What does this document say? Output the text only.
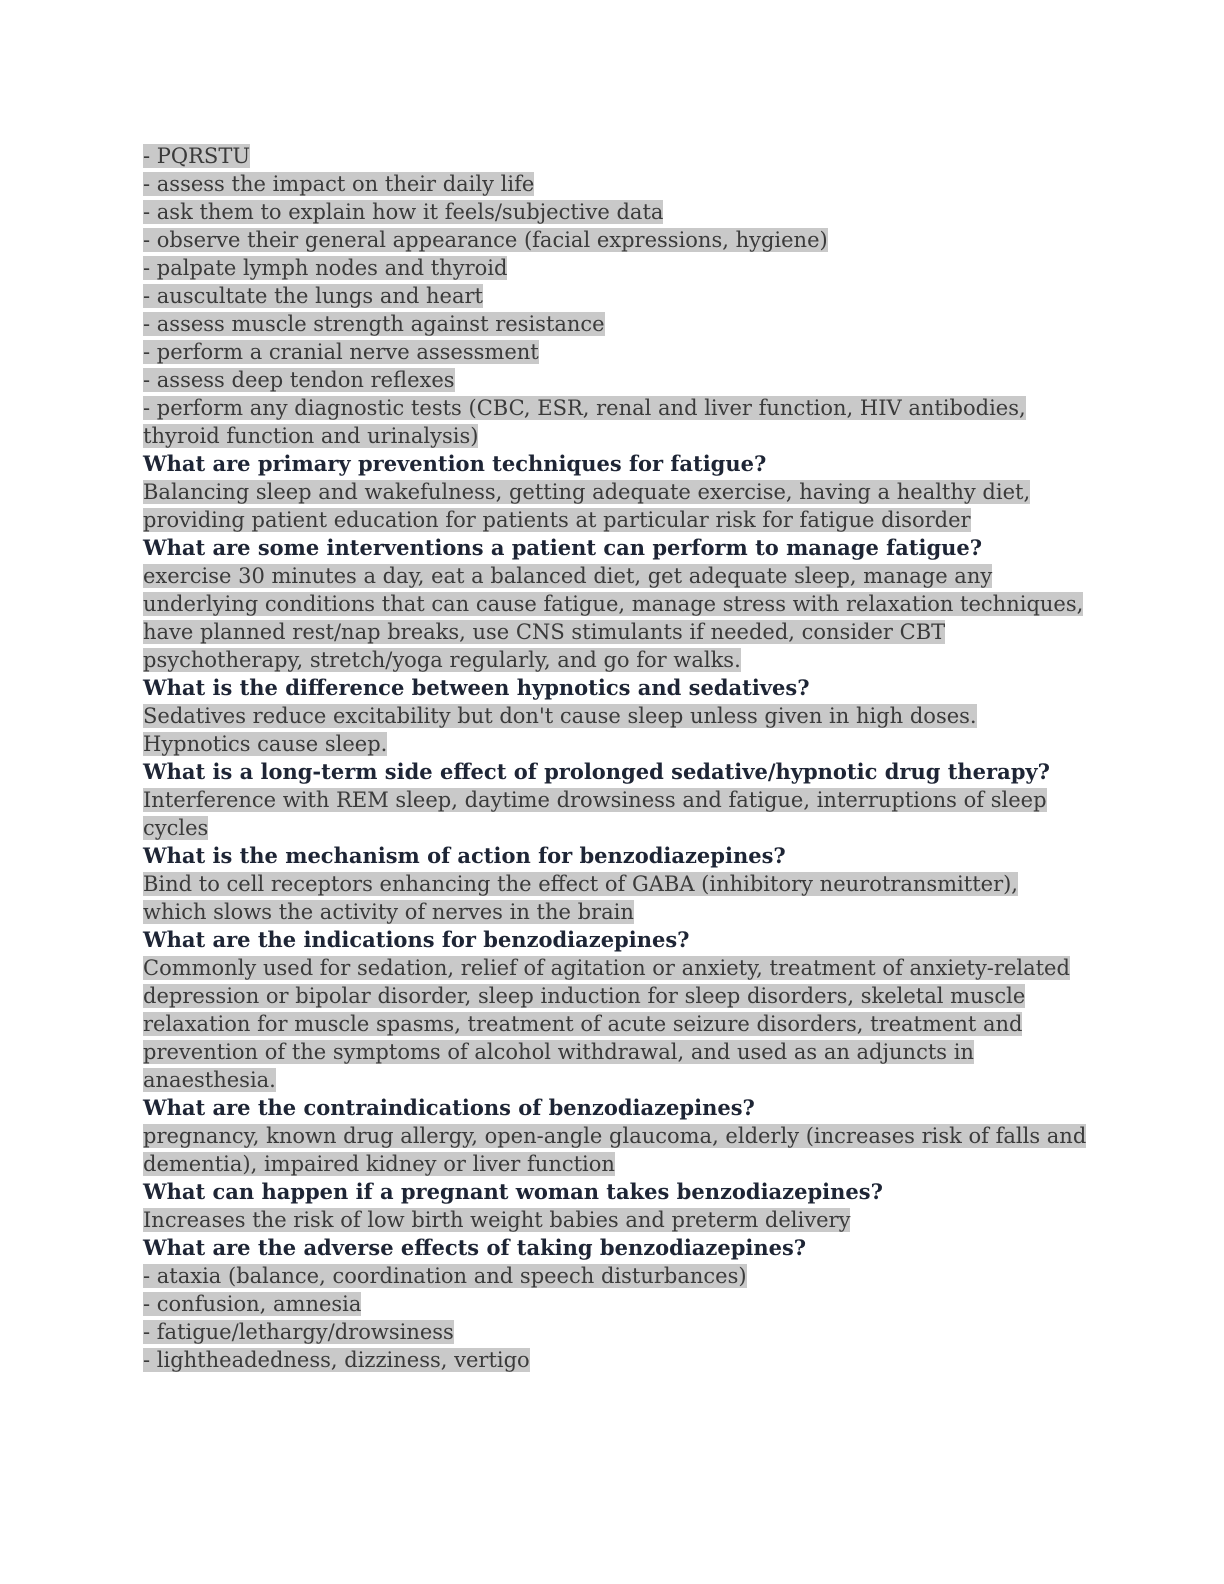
- PQRSTU
- assess the impact on their daily life
- ask them to explain how it feels/subjective data
- observe their general appearance (facial expressions, hygiene)
- palpate lymph nodes and thyroid
- auscultate the lungs and heart
- assess muscle strength against resistance
- perform a cranial nerve assessment
- assess deep tendon reflexes
- perform any diagnostic tests (CBC, ESR, renal and liver function, HIV antibodies, thyroid function and urinalysis)
What are primary prevention techniques for fatigue?
Balancing sleep and wakefulness, getting adequate exercise, having a healthy diet, providing patient education for patients at particular risk for fatigue disorder
What are some interventions a patient can perform to manage fatigue?
exercise 30 minutes a day, eat a balanced diet, get adequate sleep, manage any underlying conditions that can cause fatigue, manage stress with relaxation techniques, have planned rest/nap breaks, use CNS stimulants if needed, consider CBT psychotherapy, stretch/yoga regularly, and go for walks.
What is the difference between hypnotics and sedatives?
Sedatives reduce excitability but don't cause sleep unless given in high doses. Hypnotics cause sleep.
What is a long-term side effect of prolonged sedative/hypnotic drug therapy?
Interference with REM sleep, daytime drowsiness and fatigue, interruptions of sleep cycles
What is the mechanism of action for benzodiazepines?
Bind to cell receptors enhancing the effect of GABA (inhibitory neurotransmitter), which slows the activity of nerves in the brain
What are the indications for benzodiazepines?
Commonly used for sedation, relief of agitation or anxiety, treatment of anxiety-related depression or bipolar disorder, sleep induction for sleep disorders, skeletal muscle relaxation for muscle spasms, treatment of acute seizure disorders, treatment and prevention of the symptoms of alcohol withdrawal, and used as an adjuncts in anaesthesia.
What are the contraindications of benzodiazepines?
pregnancy, known drug allergy, open-angle glaucoma, elderly (increases risk of falls and dementia), impaired kidney or liver function
What can happen if a pregnant woman takes benzodiazepines?
Increases the risk of low birth weight babies and preterm delivery
What are the adverse effects of taking benzodiazepines?
- ataxia (balance, coordination and speech disturbances)
- confusion, amnesia
- fatigue/lethargy/drowsiness
- lightheadedness, dizziness, vertigo
